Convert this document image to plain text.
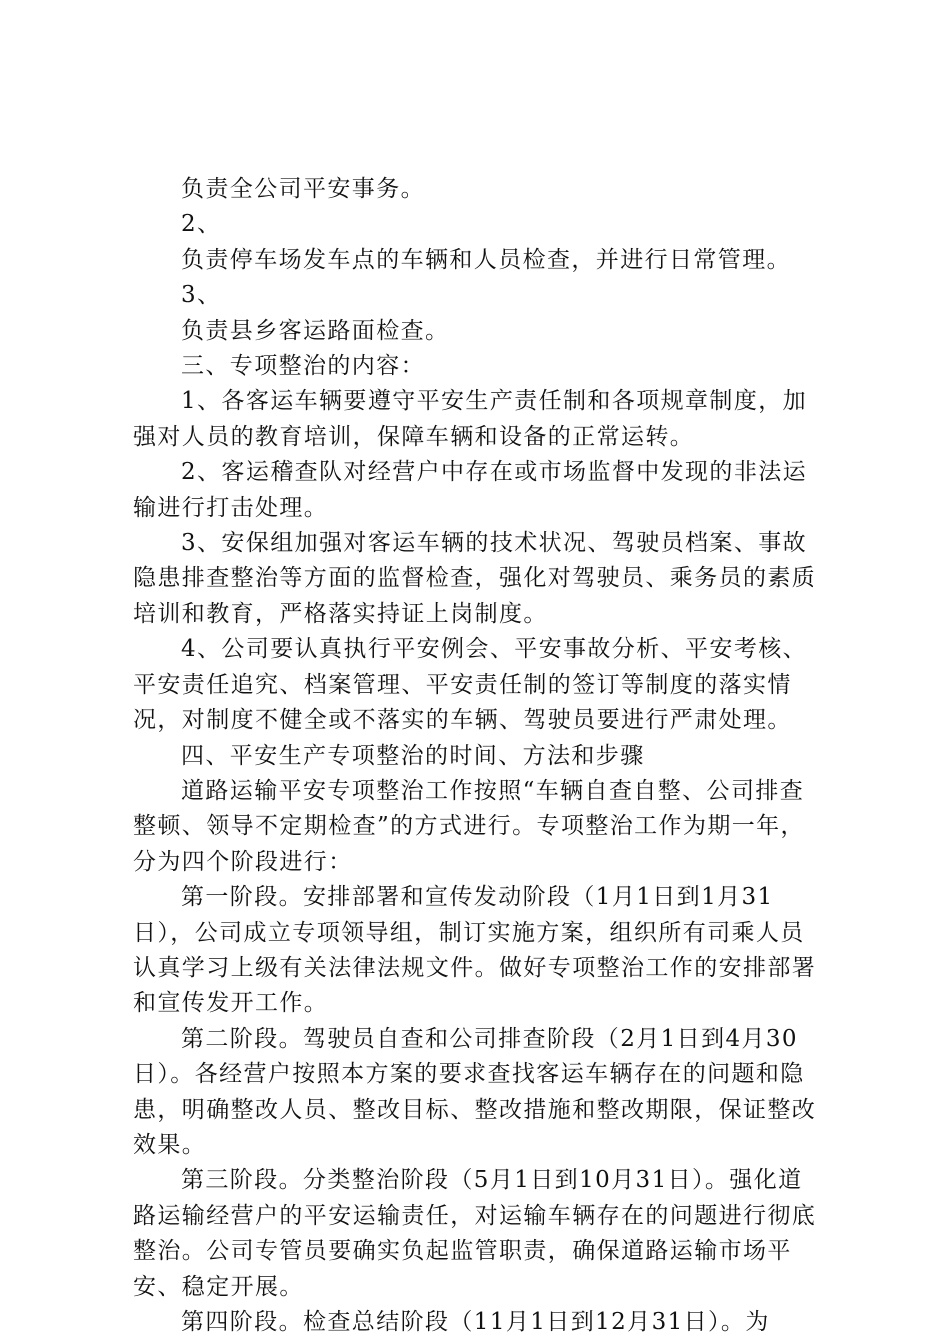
负责全公司平安事务。

2、

负责停车场发车点的车辆和人员检查，并进行日常管理。

3、

负责县乡客运路面检查。

三、专项整治的内容：

1、各客运车辆要遵守平安生产责任制和各项规章制度，加强对人员的教育培训，保障车辆和设备的正常运转。

2、客运稽查队对经营户中存在或市场监督中发现的非法运输进行打击处理。

3、安保组加强对客运车辆的技术状况、驾驶员档案、事故隐患排查整治等方面的监督检查，强化对驾驶员、乘务员的素质培训和教育，严格落实持证上岗制度。

4、公司要认真执行平安例会、平安事故分析、平安考核、平安责任追究、档案管理、平安责任制的签订等制度的落实情况，对制度不健全或不落实的车辆、驾驶员要进行严肃处理。

四、平安生产专项整治的时间、方法和步骤

道路运输平安专项整治工作按照“车辆自查自整、公司排查整顿、领导不定期检查”的方式进行。专项整治工作为期一年，分为四个阶段进行：

第一阶段。安排部署和宣传发动阶段（1月1日到1月31日），公司成立专项领导组，制订实施方案，组织所有司乘人员认真学习上级有关法律法规文件。做好专项整治工作的安排部署和宣传发开工作。

第二阶段。驾驶员自查和公司排查阶段（2月1日到4月30日）。各经营户按照本方案的要求查找客运车辆存在的问题和隐患，明确整改人员、整改目标、整改措施和整改期限，保证整改效果。

第三阶段。分类整治阶段（5月1日到10月31日）。强化道路运输经营户的平安运输责任，对运输车辆存在的问题进行彻底整治。公司专管员要确实负起监管职责，确保道路运输市场平安、稳定开展。

第四阶段。检查总结阶段（11月1日到12月31日）。为
